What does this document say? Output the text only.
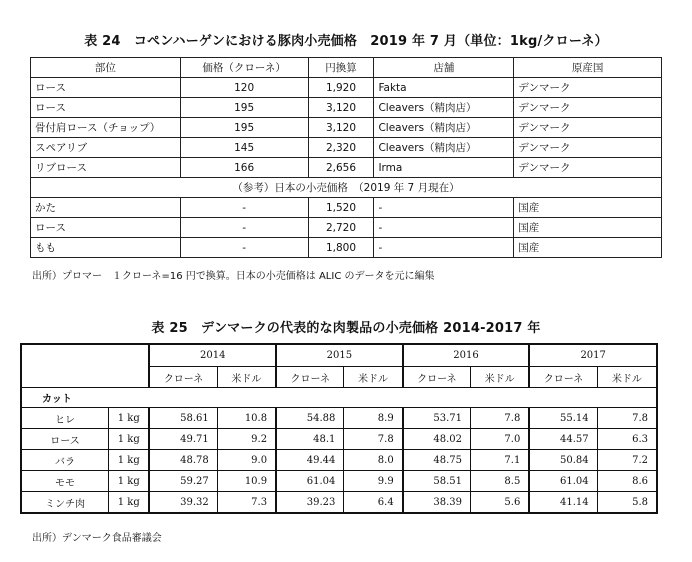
表 24　コペンハーゲンにおける豚肉小売価格　2019 年 7 月（単位：1kg/クローネ）
部位	価格（クローネ）	円換算	店舗	原産国
ロース	120	1,920	Fakta	デンマーク
ロース	195	3,120	Cleavers（精肉店）	デンマーク
骨付肩ロース（チョップ）	195	3,120	Cleavers（精肉店）	デンマーク
スペアリブ	145	2,320	Cleavers（精肉店）	デンマーク
リブロース	166	2,656	Irma	デンマーク
（参考）日本の小売価格　（2019 年 7 月現在）				
かた	-	1,520	-	国産
ロース	-	2,720	-	国産
もも	-	1,800	-	国産
出所）プロマー　１クローネ=16 円で換算。日本の小売価格は ALIC のデータを元に編集
表 25　デンマークの代表的な肉製品の小売価格 2014-2017 年
		2014		2015		2016		2017	
		クローネ	米ドル	クローネ	米ドル	クローネ	米ドル	クローネ	米ドル
カット									
ヒレ	1 kg	58.61	10.8	54.88	8.9	53.71	7.8	55.14	7.8
ロース	1 kg	49.71	9.2	48.1	7.8	48.02	7.0	44.57	6.3
バラ	1 kg	48.78	9.0	49.44	8.0	48.75	7.1	50.84	7.2
モモ	1 kg	59.27	10.9	61.04	9.9	58.51	8.5	61.04	8.6
ミンチ肉	1 kg	39.32	7.3	39.23	6.4	38.39	5.6	41.14	5.8
出所）デンマーク食品審議会
